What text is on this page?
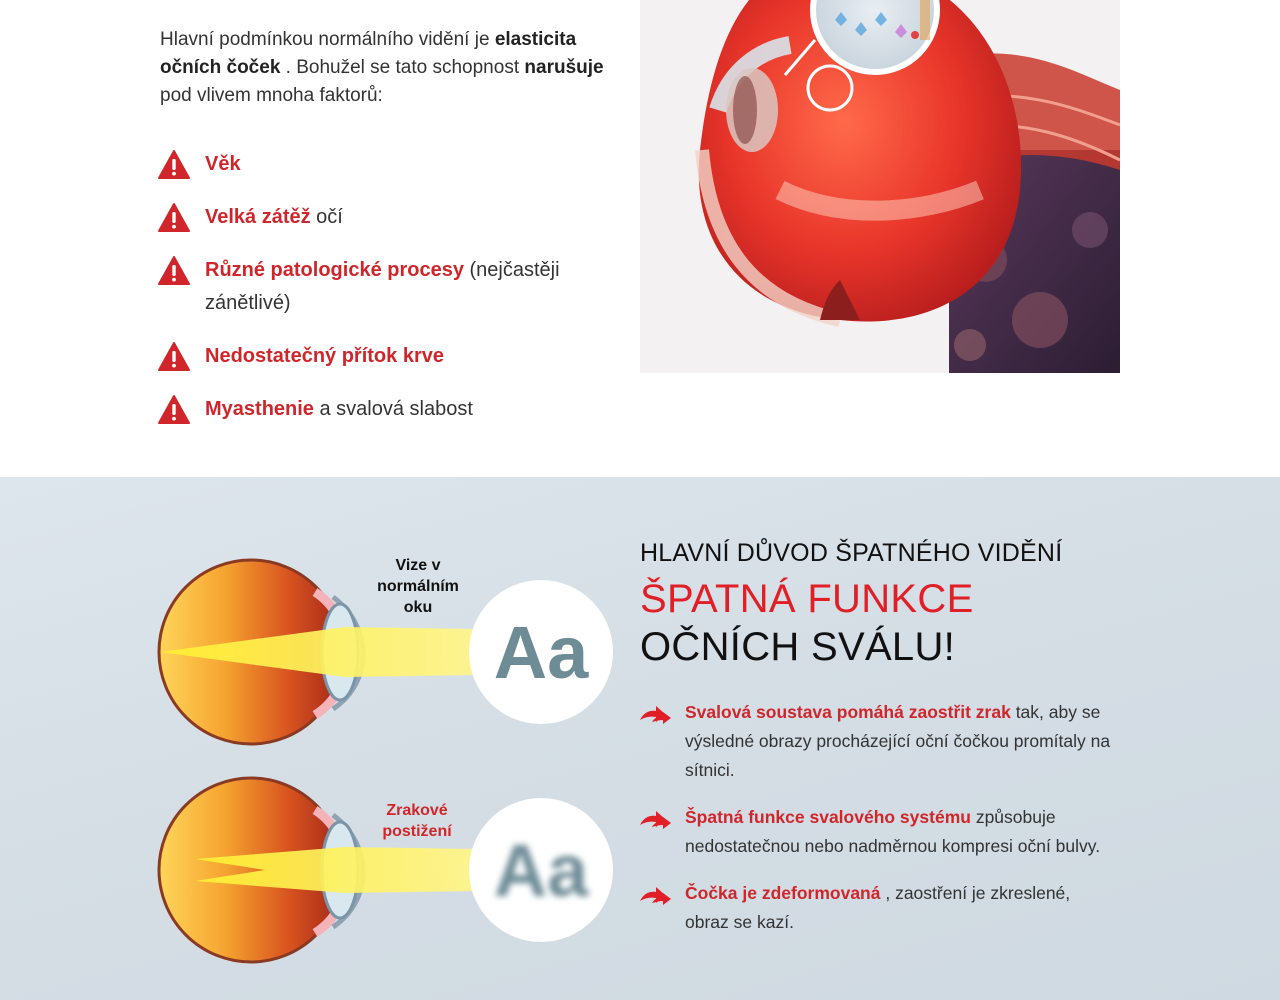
Hlavní podmínkou normálního vidění je elasticita očních čoček . Bohužel se tato schopnost narušuje pod vlivem mnoha faktorů:

Věk
Velká zátěž očí
Různé patologické procesy (nejčastěji zánětlivé)
Nedostatečný přítok krve
Myasthenie a svalová slabost
Aa
Aa
Vize v normálním oku
Zrakové postižení
HLAVNÍ DŮVOD ŠPATNÉHO VIDĚNÍ
ŠPATNÁ FUNKCE
OČNÍCH SVÁLU!
Svalová soustava pomáhá zaostřit zrak tak, aby se výsledné obrazy procházející oční čočkou promítaly na sítnici.
Špatná funkce svalového systému způsobuje nedostatečnou nebo nadměrnou kompresi oční bulvy.
Čočka je zdeformovaná , zaostření je zkreslené, obraz se kazí.
